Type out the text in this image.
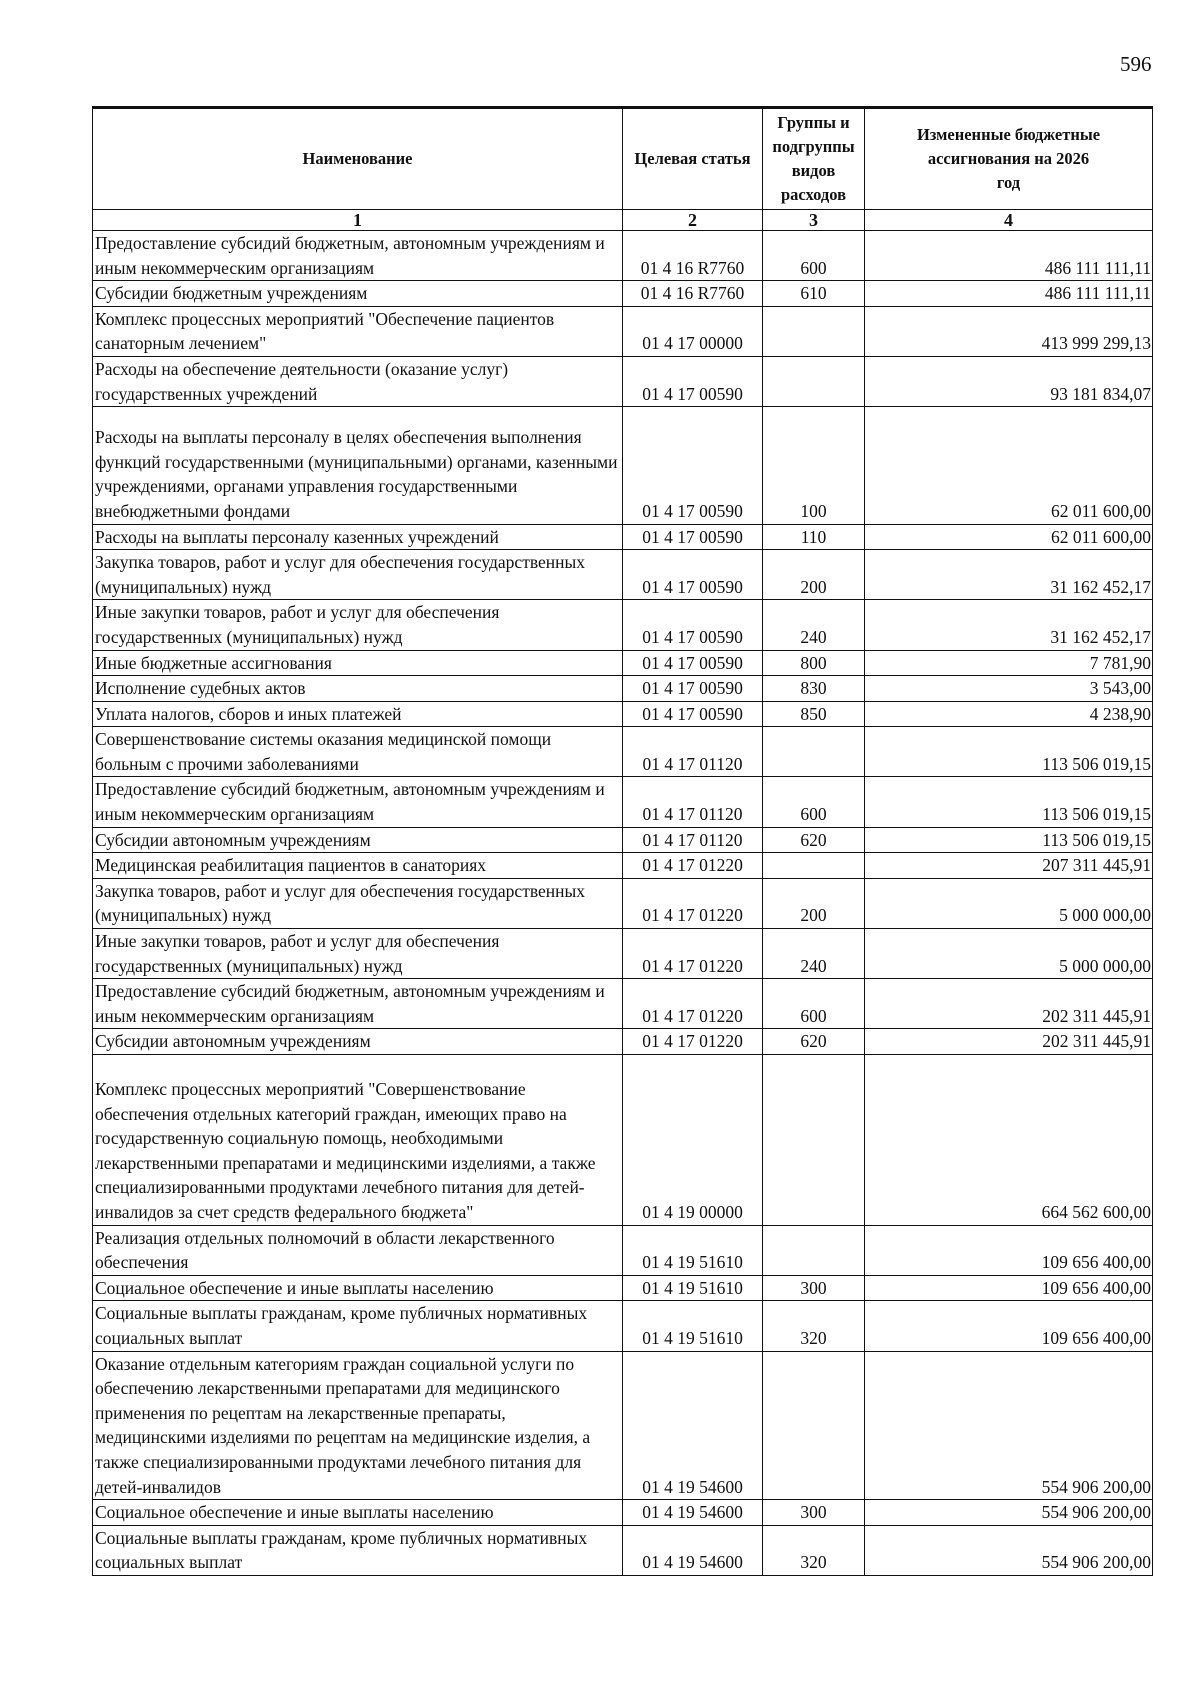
596
Наименование	Целевая статья	Группы и подгруппы видов расходов	Измененные бюджетные ассигнования на 2026 год
1	2	3	4
Предоставление субсидий бюджетным, автономным учреждениям и иным некоммерческим организациям	01 4 16 R7760	600	486 111 111,11
Субсидии бюджетным учреждениям	01 4 16 R7760	610	486 111 111,11
Комплекс процессных мероприятий "Обеспечение пациентов санаторным лечением"	01 4 17 00000		413 999 299,13
Расходы на обеспечение деятельности (оказание услуг) государственных учреждений	01 4 17 00590		93 181 834,07
Расходы на выплаты персоналу в целях обеспечения выполнения функций государственными (муниципальными) органами, казенными учреждениями, органами управления государственными внебюджетными фондами	01 4 17 00590	100	62 011 600,00
Расходы на выплаты персоналу казенных учреждений	01 4 17 00590	110	62 011 600,00
Закупка товаров, работ и услуг для обеспечения государственных (муниципальных) нужд	01 4 17 00590	200	31 162 452,17
Иные закупки товаров, работ и услуг для обеспечения государственных (муниципальных) нужд	01 4 17 00590	240	31 162 452,17
Иные бюджетные ассигнования	01 4 17 00590	800	7 781,90
Исполнение судебных актов	01 4 17 00590	830	3 543,00
Уплата налогов, сборов и иных платежей	01 4 17 00590	850	4 238,90
Совершенствование системы оказания медицинской помощи больным с прочими заболеваниями	01 4 17 01120		113 506 019,15
Предоставление субсидий бюджетным, автономным учреждениям и иным некоммерческим организациям	01 4 17 01120	600	113 506 019,15
Субсидии автономным учреждениям	01 4 17 01120	620	113 506 019,15
Медицинская реабилитация пациентов в санаториях	01 4 17 01220		207 311 445,91
Закупка товаров, работ и услуг для обеспечения государственных (муниципальных) нужд	01 4 17 01220	200	5 000 000,00
Иные закупки товаров, работ и услуг для обеспечения государственных (муниципальных) нужд	01 4 17 01220	240	5 000 000,00
Предоставление субсидий бюджетным, автономным учреждениям и иным некоммерческим организациям	01 4 17 01220	600	202 311 445,91
Субсидии автономным учреждениям	01 4 17 01220	620	202 311 445,91
Комплекс процессных мероприятий "Совершенствование обеспечения отдельных категорий граждан, имеющих право на государственную социальную помощь, необходимыми лекарственными препаратами и медицинскими изделиями, а также специализированными продуктами лечебного питания для детей-инвалидов за счет средств федерального бюджета"	01 4 19 00000		664 562 600,00
Реализация отдельных полномочий в области лекарственного обеспечения	01 4 19 51610		109 656 400,00
Социальное обеспечение и иные выплаты населению	01 4 19 51610	300	109 656 400,00
Социальные выплаты гражданам, кроме публичных нормативных социальных выплат	01 4 19 51610	320	109 656 400,00
Оказание отдельным категориям граждан социальной услуги по обеспечению лекарственными препаратами для медицинского применения по рецептам на лекарственные препараты, медицинскими изделиями по рецептам на медицинские изделия, а также специализированными продуктами лечебного питания для детей-инвалидов	01 4 19 54600		554 906 200,00
Социальное обеспечение и иные выплаты населению	01 4 19 54600	300	554 906 200,00
Социальные выплаты гражданам, кроме публичных нормативных социальных выплат	01 4 19 54600	320	554 906 200,00
